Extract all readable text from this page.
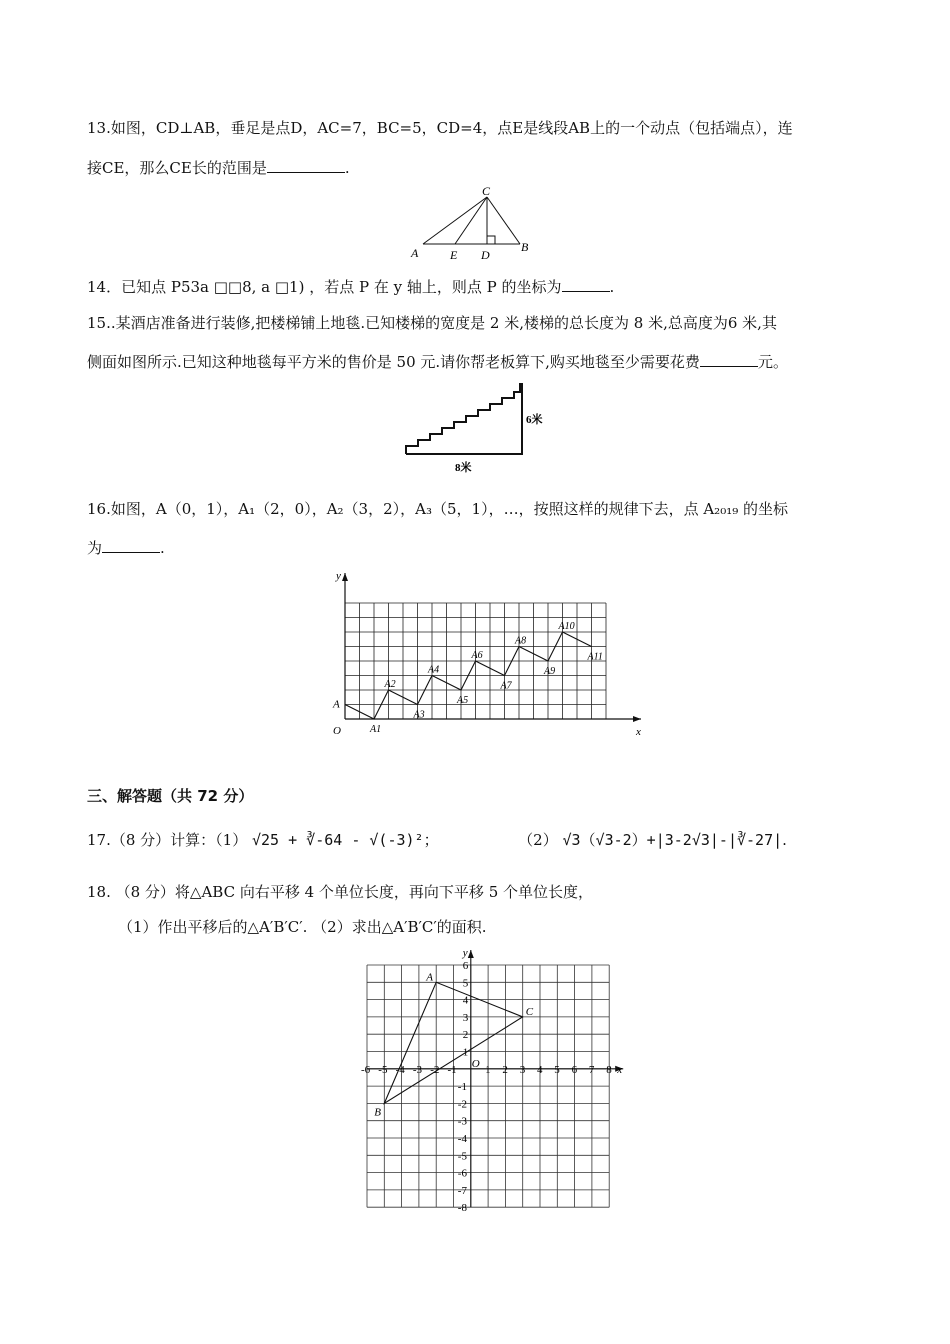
13.如图，CD⊥AB，垂足是点D，AC=7，BC=5，CD=4，点E是线段AB上的一个动点（包括端点），连
接CE，那么CE长的范围是	.
C
A	E D
B
14．已知点 P53a □□8, a □1) ，若点 P 在 y 轴上，则点 P 的坐标为	.
15..某酒店准备进行装修,把楼梯铺上地毯.已知楼梯的宽度是 2 米,楼梯的总长度为 8 米,总高度为6 米,其
侧面如图所示.已知这种地毯每平方米的售价是 50 元.请你帮老板算下,购买地毯至少需要花费	元。
6米
8米
16.如图，A（0，1），A₁（2，0），A₂（3，2），A₃（5，1），…，按照这样的规律下去，点 A₂₀₁₉ 的坐标
为	.
x
y
O
A
A1
A2
A3
A4
A5
A6
A7
A8
A9
A10
A11
三、解答题（共 72 分）
17.（8 分）计算：（1） √25 + ∛-64 - √(-3)²；	（2） √3（√3-2）+|3-2√3|-|∛-27|.
18. （8 分）将△ABC 向右平移 4 个单位长度，再向下平移 5 个单位长度，
（1）作出平移后的△A′B′C′. （2）求出△A′B′C′的面积.
-6 -5 -4 -3 -2 -1	1 2 3 4 5 6 7 8
6
5
4
3
2
1
-1
-2
-3
-4
-5
-6
-7
-8
O	x
y
A
B
C
